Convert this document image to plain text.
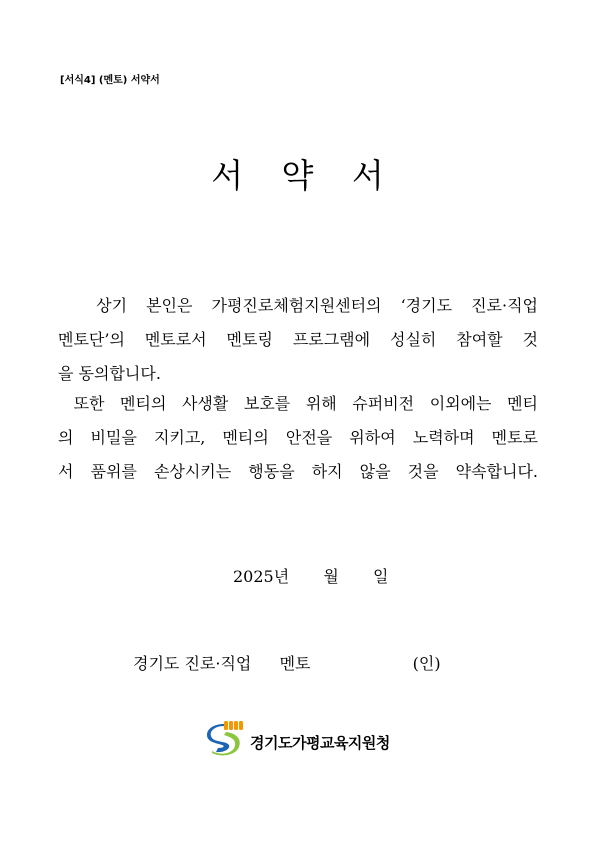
[서식4] (멘토) 서약서
서 약 서

상기 본인은 가평진로체험지원센터의 ‘경기도 진로·직업

멘토단’의 멘토로서 멘토링 프로그램에 성실히 참여할 것

을 동의합니다.

또한 멘티의 사생활 보호를 위해 슈퍼비전 이외에는 멘티

의 비밀을 지키고, 멘티의 안전을 위하여 노력하며 멘토로

서 품위를 손상시키는 행동을 하지 않을 것을 약속합니다.

2025년 월 일
경기도 진로·직업 멘토	(인)
경기도가평교육지원청
